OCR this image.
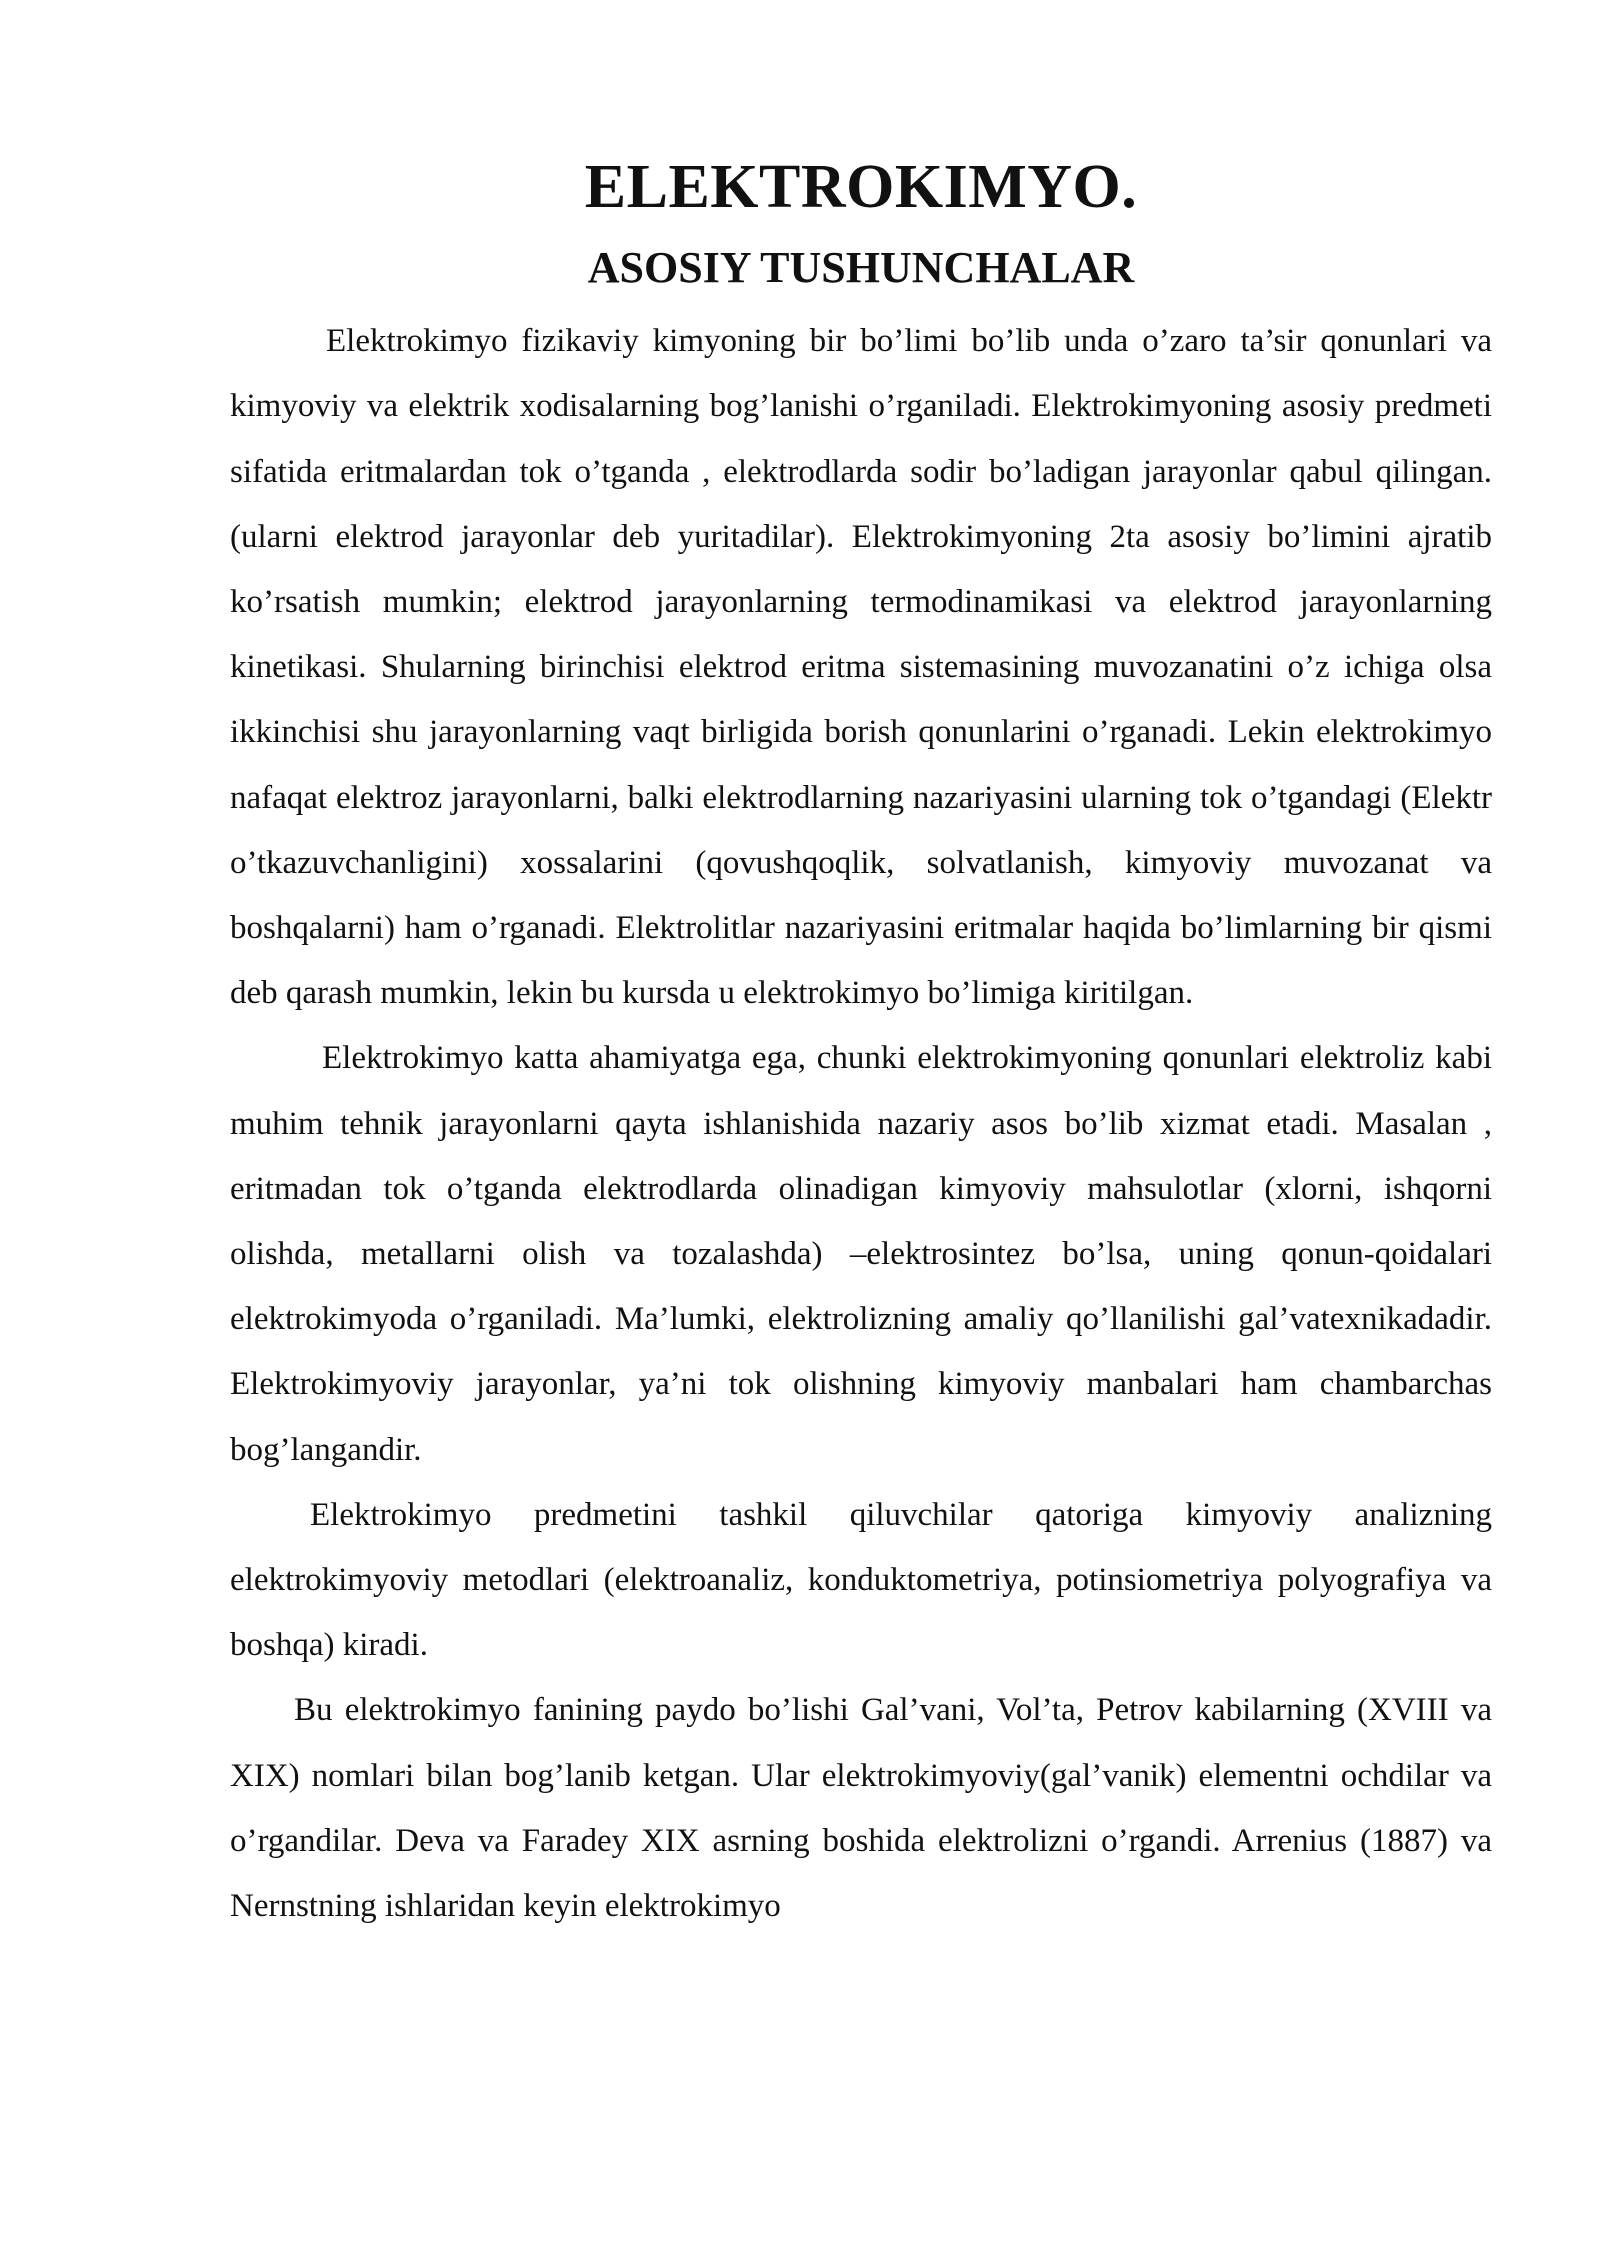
ELEKTROKIMYO.
ASOSIY TUSHUNCHALAR

Elektrokimyo fizikaviy kimyoning bir bo’limi bo’lib unda o’zaro ta’sir qonunlari va kimyoviy va elektrik xodisalarning bog’lanishi o’rganiladi. Elektrokimyoning asosiy predmeti sifatida eritmalardan tok o’tganda , elektrodlarda sodir bo’ladigan jarayonlar qabul qilingan.(ularni elektrod jarayonlar deb yuritadilar). Elektrokimyoning 2ta asosiy bo’limini ajratib ko’rsatish mumkin; elektrod jarayonlarning termodinamikasi va elektrod jarayonlarning kinetikasi. Shularning birinchisi elektrod eritma sistemasining muvozanatini o’z ichiga olsa ikkinchisi shu jarayonlarning vaqt birligida borish qonunlarini o’rganadi. Lekin elektrokimyo nafaqat elektroz jarayonlarni, balki elektrodlarning nazariyasini ularning tok o’tgandagi (Elektr o’tkazuvchanligini) xossalarini (qovushqoqlik, solvatlanish, kimyoviy muvozanat va boshqalarni) ham o’rganadi. Elektrolitlar nazariyasini eritmalar haqida bo’limlarning bir qismi deb qarash mumkin, lekin bu kursda u elektrokimyo bo’limiga kiritilgan.

Elektrokimyo katta ahamiyatga ega, chunki elektrokimyoning qonunlari elektroliz kabi muhim tehnik jarayonlarni qayta ishlanishida nazariy asos bo’lib xizmat etadi. Masalan , eritmadan tok o’tganda elektrodlarda olinadigan kimyoviy mahsulotlar (xlorni, ishqorni olishda, metallarni olish va tozalashda) –elektrosintez bo’lsa, uning qonun-qoidalari elektrokimyoda o’rganiladi. Ma’lumki, elektrolizning amaliy qo’llanilishi gal’vatexnikadadir. Elektrokimyoviy jarayonlar, ya’ni tok olishning kimyoviy manbalari ham chambarchas bog’langandir.

Elektrokimyo predmetini tashkil qiluvchilar qatoriga kimyoviy analizning elektrokimyoviy metodlari (elektroanaliz, konduktometriya, potinsiometriya polyografiya va boshqa) kiradi.

Bu elektrokimyo fanining paydo bo’lishi Gal’vani, Vol’ta, Petrov kabilarning (XVIII va XIX) nomlari bilan bog’lanib ketgan. Ular elektrokimyoviy(gal’vanik) elementni ochdilar va o’rgandilar. Deva va Faradey XIX asrning boshida elektrolizni o’rgandi. Arrenius (1887) va Nernstning ishlaridan keyin elektrokimyo
